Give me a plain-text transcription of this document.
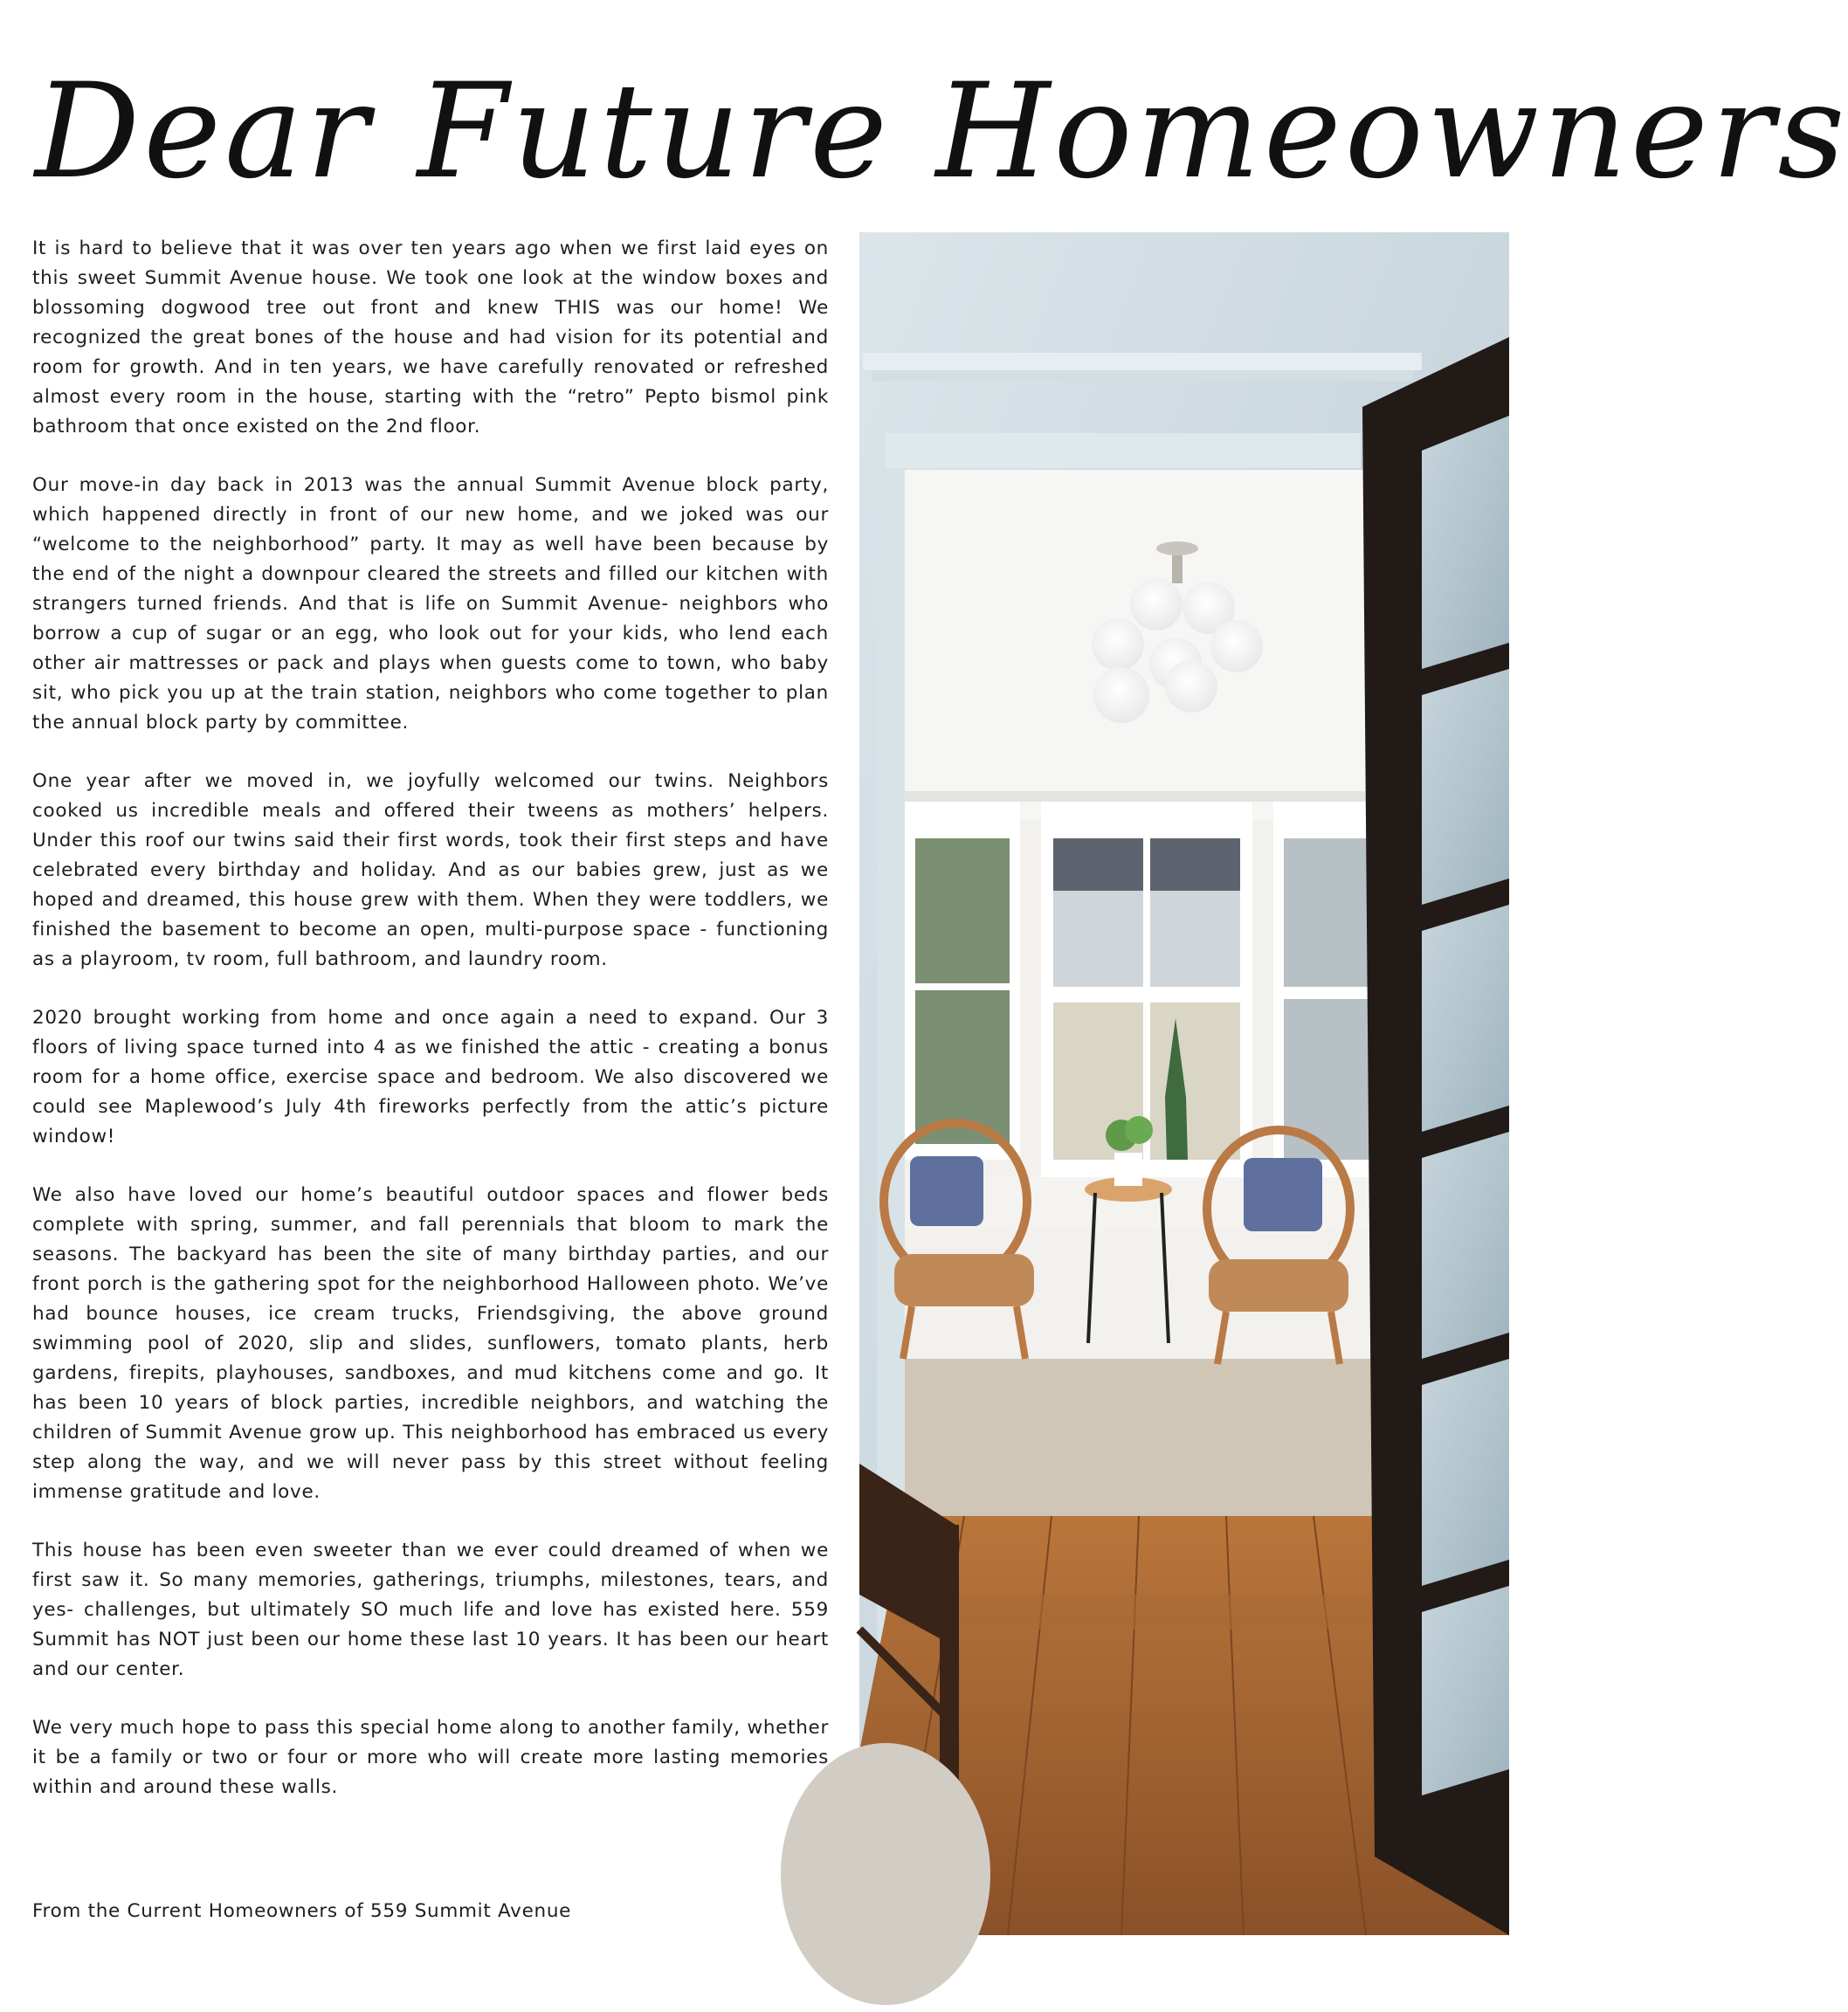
Dear Future Homeowners

It is hard to believe that it was over ten years ago when we first laid eyes on this sweet Summit Avenue house. We took one look at the window boxes and blossoming dogwood tree out front and knew THIS was our home! We recognized the great bones of the house and had vision for its potential and room for growth. And in ten years, we have carefully renovated or refreshed almost every room in the house, starting with the “retro” Pepto bismol pink bathroom that once existed on the 2nd floor.

Our move-in day back in 2013 was the annual Summit Avenue block party, which happened directly in front of our new home, and we joked was our “welcome to the neighborhood” party. It may as well have been because by the end of the night a downpour cleared the streets and filled our kitchen with strangers turned friends. And that is life on Summit Avenue- neighbors who borrow a cup of sugar or an egg, who look out for your kids, who lend each other air mattresses or pack and plays when guests come to town, who baby sit, who pick you up at the train station, neighbors who come together to plan the annual block party by committee.

One year after we moved in, we joyfully welcomed our twins. Neighbors cooked us incredible meals and offered their tweens as mothers’ helpers. Under this roof our twins said their first words, took their first steps and have celebrated every birthday and holiday. And as our babies grew, just as we hoped and dreamed, this house grew with them. When they were toddlers, we finished the basement to become an open, multi-purpose space - functioning as a playroom, tv room, full bathroom, and laundry room.

2020 brought working from home and once again a need to expand. Our 3 floors of living space turned into 4 as we finished the attic - creating a bonus room for a home office, exercise space and bedroom. We also discovered we could see Maplewood’s July 4th fireworks perfectly from the attic’s picture window!

We also have loved our home’s beautiful outdoor spaces and flower beds complete with spring, summer, and fall perennials that bloom to mark the seasons. The backyard has been the site of many birthday parties, and our front porch is the gathering spot for the neighborhood Halloween photo. We’ve had bounce houses, ice cream trucks, Friendsgiving, the above ground swimming pool of 2020, slip and slides, sunflowers, tomato plants, herb gardens, firepits, playhouses, sandboxes, and mud kitchens come and go. It has been 10 years of block parties, incredible neighbors, and watching the children of Summit Avenue grow up. This neighborhood has embraced us every step along the way, and we will never pass by this street without feeling immense gratitude and love.

This house has been even sweeter than we ever could dreamed of when we first saw it. So many memories, gatherings, triumphs, milestones, tears, and yes- challenges, but ultimately SO much life and love has existed here. 559 Summit has NOT just been our home these last 10 years. It has been our heart and our center.

We very much hope to pass this special home along to another family, whether it be a family or two or four or more who will create more lasting memories within and around these walls.

From the Current Homeowners of 559 Summit Avenue
